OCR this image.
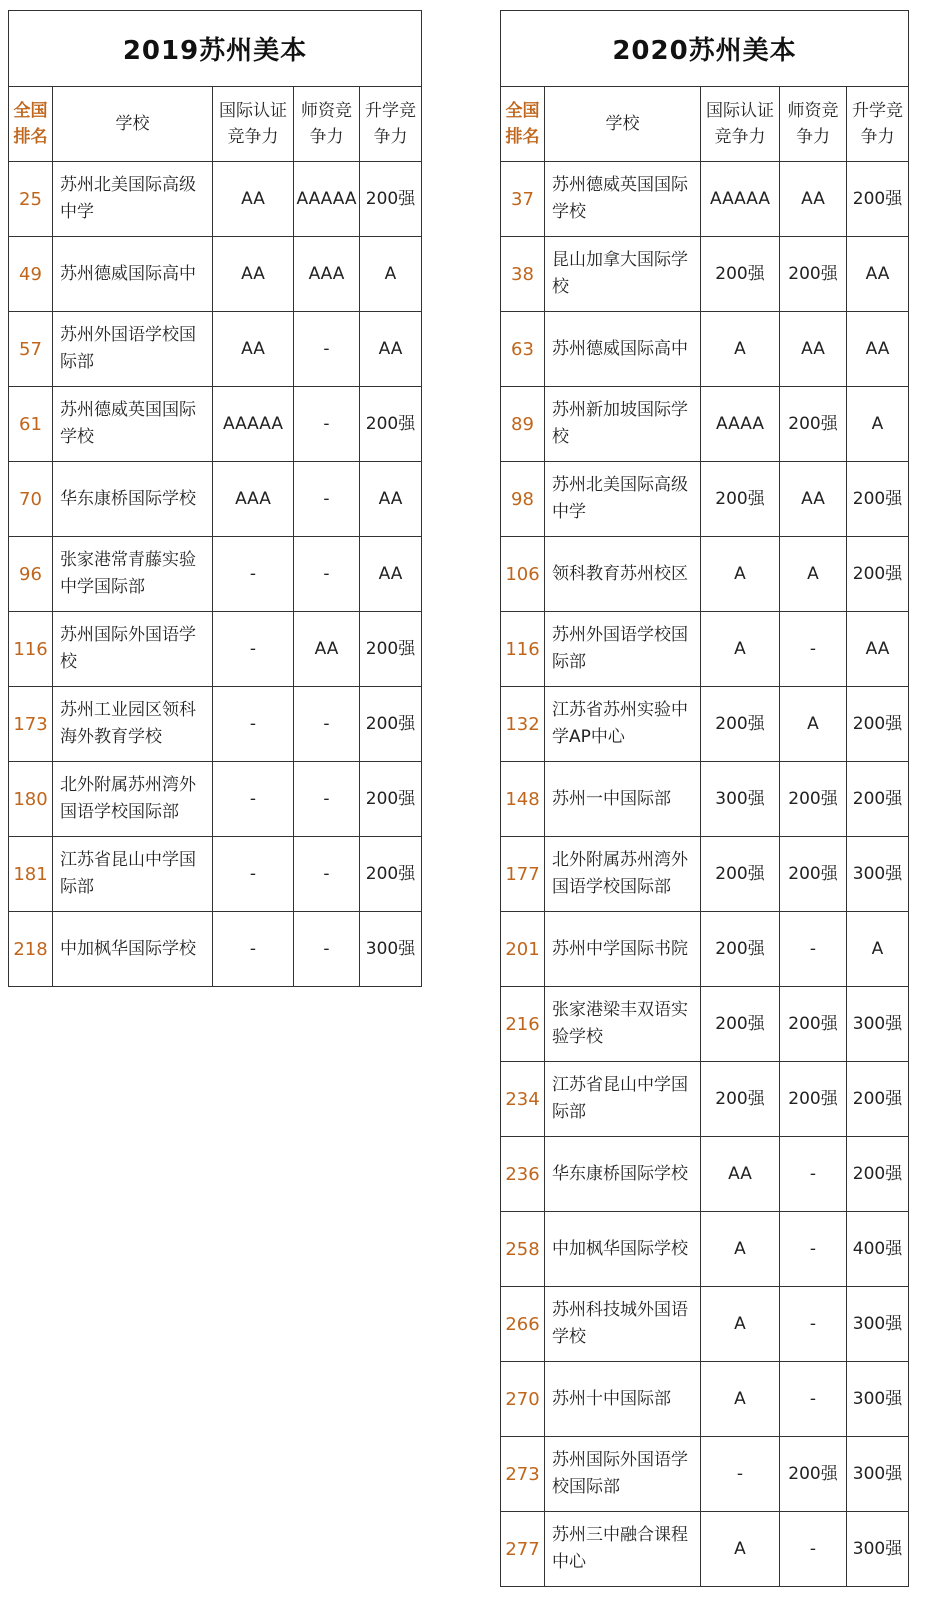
2019苏州美本				
全国排名	学校	国际认证竞争力	师资竞争力	升学竞争力
25	苏州北美国际高级中学	AA	AAAAA	200强
49	苏州德威国际高中	AA	AAA	A
57	苏州外国语学校国际部	AA	-	AA
61	苏州德威英国国际学校	AAAAA	-	200强
70	华东康桥国际学校	AAA	-	AA
96	张家港常青藤实验中学国际部	-	-	AA
116	苏州国际外国语学校	-	AA	200强
173	苏州工业园区领科海外教育学校	-	-	200强
180	北外附属苏州湾外国语学校国际部	-	-	200强
181	江苏省昆山中学国际部	-	-	200强
218	中加枫华国际学校	-	-	300强
2020苏州美本				
全国排名	学校	国际认证竞争力	师资竞争力	升学竞争力
37	苏州德威英国国际学校	AAAAA	AA	200强
38	昆山加拿大国际学校	200强	200强	AA
63	苏州德威国际高中	A	AA	AA
89	苏州新加坡国际学校	AAAA	200强	A
98	苏州北美国际高级中学	200强	AA	200强
106	领科教育苏州校区	A	A	200强
116	苏州外国语学校国际部	A	-	AA
132	江苏省苏州实验中学AP中心	200强	A	200强
148	苏州一中国际部	300强	200强	200强
177	北外附属苏州湾外国语学校国际部	200强	200强	300强
201	苏州中学国际书院	200强	-	A
216	张家港梁丰双语实验学校	200强	200强	300强
234	江苏省昆山中学国际部	200强	200强	200强
236	华东康桥国际学校	AA	-	200强
258	中加枫华国际学校	A	-	400强
266	苏州科技城外国语学校	A	-	300强
270	苏州十中国际部	A	-	300强
273	苏州国际外国语学校国际部	-	200强	300强
277	苏州三中融合课程中心	A	-	300强
